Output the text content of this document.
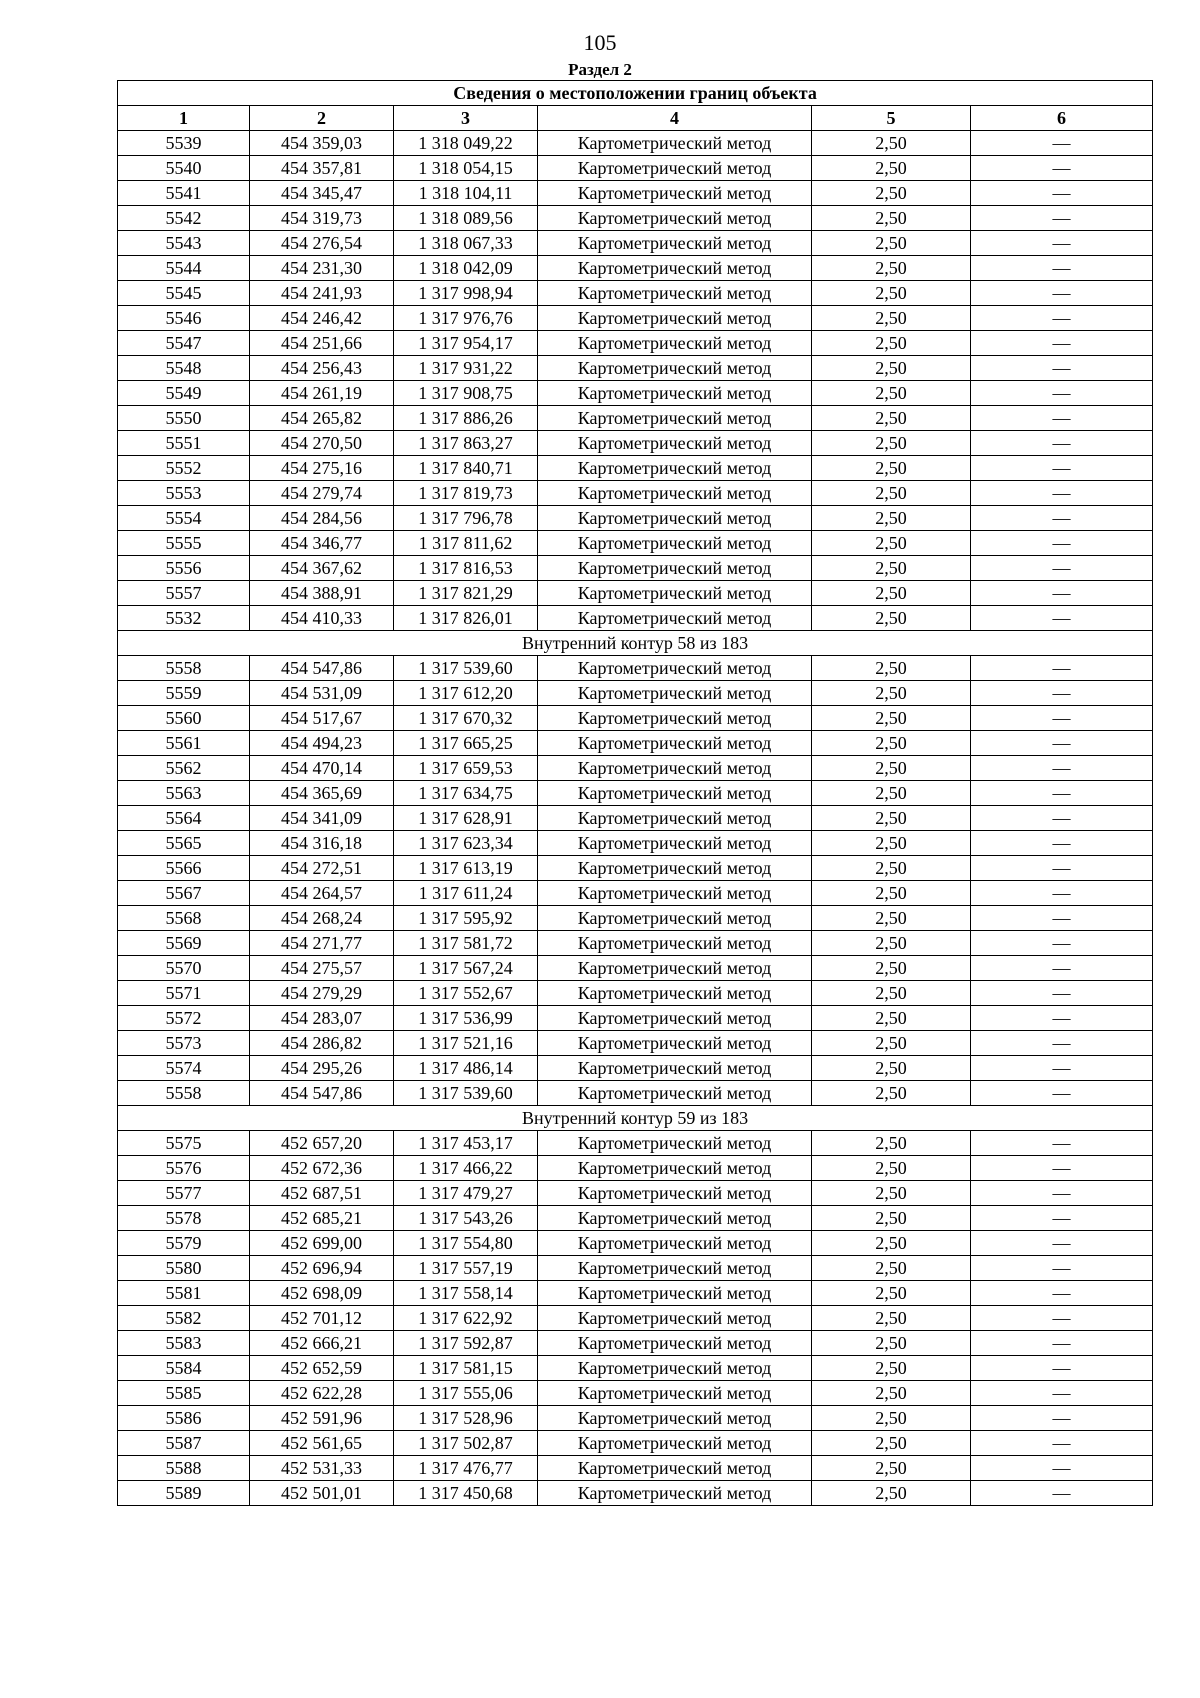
105
Раздел 2
Сведения о местоположении границ объекта					
1	2	3	4	5	6
5539	454 359,03	1 318 049,22	Картометрический метод	2,50	—
5540	454 357,81	1 318 054,15	Картометрический метод	2,50	—
5541	454 345,47	1 318 104,11	Картометрический метод	2,50	—
5542	454 319,73	1 318 089,56	Картометрический метод	2,50	—
5543	454 276,54	1 318 067,33	Картометрический метод	2,50	—
5544	454 231,30	1 318 042,09	Картометрический метод	2,50	—
5545	454 241,93	1 317 998,94	Картометрический метод	2,50	—
5546	454 246,42	1 317 976,76	Картометрический метод	2,50	—
5547	454 251,66	1 317 954,17	Картометрический метод	2,50	—
5548	454 256,43	1 317 931,22	Картометрический метод	2,50	—
5549	454 261,19	1 317 908,75	Картометрический метод	2,50	—
5550	454 265,82	1 317 886,26	Картометрический метод	2,50	—
5551	454 270,50	1 317 863,27	Картометрический метод	2,50	—
5552	454 275,16	1 317 840,71	Картометрический метод	2,50	—
5553	454 279,74	1 317 819,73	Картометрический метод	2,50	—
5554	454 284,56	1 317 796,78	Картометрический метод	2,50	—
5555	454 346,77	1 317 811,62	Картометрический метод	2,50	—
5556	454 367,62	1 317 816,53	Картометрический метод	2,50	—
5557	454 388,91	1 317 821,29	Картометрический метод	2,50	—
5532	454 410,33	1 317 826,01	Картометрический метод	2,50	—
Внутренний контур 58 из 183					
5558	454 547,86	1 317 539,60	Картометрический метод	2,50	—
5559	454 531,09	1 317 612,20	Картометрический метод	2,50	—
5560	454 517,67	1 317 670,32	Картометрический метод	2,50	—
5561	454 494,23	1 317 665,25	Картометрический метод	2,50	—
5562	454 470,14	1 317 659,53	Картометрический метод	2,50	—
5563	454 365,69	1 317 634,75	Картометрический метод	2,50	—
5564	454 341,09	1 317 628,91	Картометрический метод	2,50	—
5565	454 316,18	1 317 623,34	Картометрический метод	2,50	—
5566	454 272,51	1 317 613,19	Картометрический метод	2,50	—
5567	454 264,57	1 317 611,24	Картометрический метод	2,50	—
5568	454 268,24	1 317 595,92	Картометрический метод	2,50	—
5569	454 271,77	1 317 581,72	Картометрический метод	2,50	—
5570	454 275,57	1 317 567,24	Картометрический метод	2,50	—
5571	454 279,29	1 317 552,67	Картометрический метод	2,50	—
5572	454 283,07	1 317 536,99	Картометрический метод	2,50	—
5573	454 286,82	1 317 521,16	Картометрический метод	2,50	—
5574	454 295,26	1 317 486,14	Картометрический метод	2,50	—
5558	454 547,86	1 317 539,60	Картометрический метод	2,50	—
Внутренний контур 59 из 183					
5575	452 657,20	1 317 453,17	Картометрический метод	2,50	—
5576	452 672,36	1 317 466,22	Картометрический метод	2,50	—
5577	452 687,51	1 317 479,27	Картометрический метод	2,50	—
5578	452 685,21	1 317 543,26	Картометрический метод	2,50	—
5579	452 699,00	1 317 554,80	Картометрический метод	2,50	—
5580	452 696,94	1 317 557,19	Картометрический метод	2,50	—
5581	452 698,09	1 317 558,14	Картометрический метод	2,50	—
5582	452 701,12	1 317 622,92	Картометрический метод	2,50	—
5583	452 666,21	1 317 592,87	Картометрический метод	2,50	—
5584	452 652,59	1 317 581,15	Картометрический метод	2,50	—
5585	452 622,28	1 317 555,06	Картометрический метод	2,50	—
5586	452 591,96	1 317 528,96	Картометрический метод	2,50	—
5587	452 561,65	1 317 502,87	Картометрический метод	2,50	—
5588	452 531,33	1 317 476,77	Картометрический метод	2,50	—
5589	452 501,01	1 317 450,68	Картометрический метод	2,50	—
